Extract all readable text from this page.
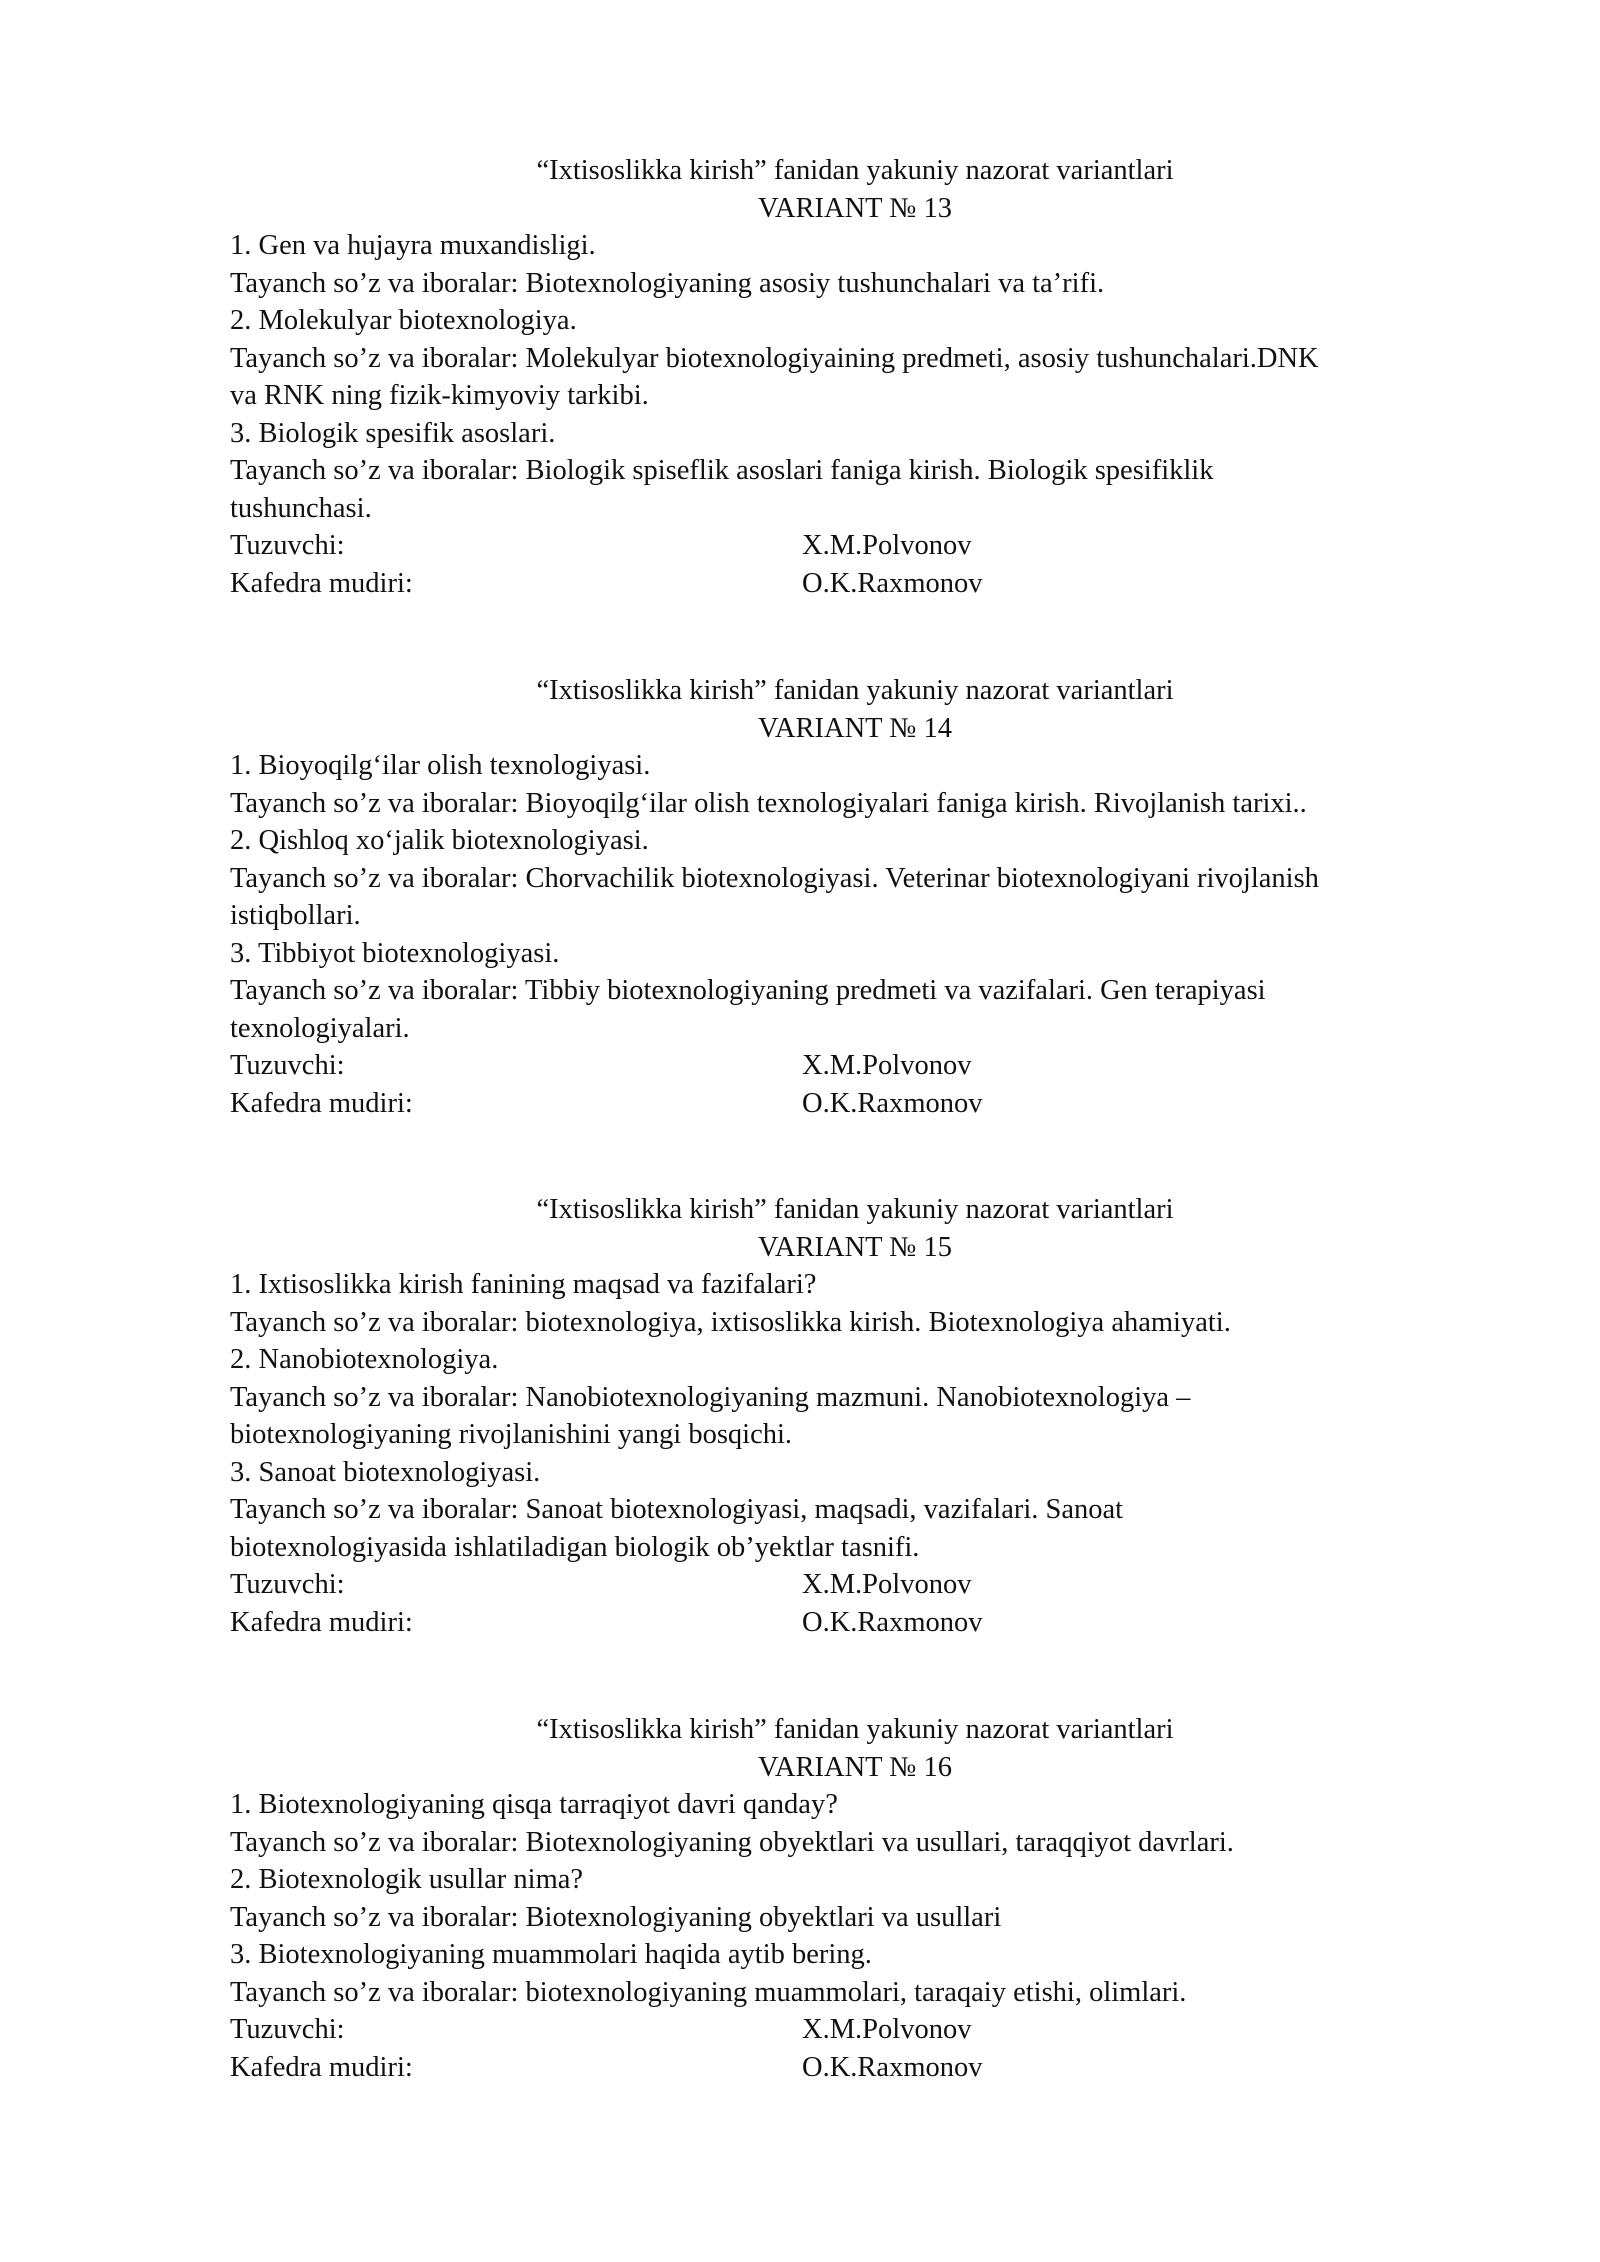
“Ixtisoslikka kirish” fanidan yakuniy nazorat variantlari

VARIANT № 13

1. Gen va hujayra muxandisligi.

Tayanch so’z va iboralar: Biotexnologiyaning asosiy tushunchalari va ta’rifi.

2. Molekulyar biotexnologiya.

Tayanch so’z va iboralar: Molekulyar biotexnologiyaining predmeti, asosiy tushunchalari.DNK

va RNK ning fizik-kimyoviy tarkibi.

3. Biologik spesifik asoslari.

Tayanch so’z va iboralar: Biologik spiseflik asoslari faniga kirish. Biologik spesifiklik

tushunchasi.

Tuzuvchi:	X.M.Polvonov
Kafedra mudiri:	O.K.Raxmonov

“Ixtisoslikka kirish” fanidan yakuniy nazorat variantlari

VARIANT № 14

1. Bioyoqilg‘ilar olish texnologiyasi.

Tayanch so’z va iboralar: Bioyoqilg‘ilar olish texnologiyalari faniga kirish. Rivojlanish tarixi..

2. Qishloq xo‘jalik biotexnologiyasi.

Tayanch so’z va iboralar: Chorvachilik biotexnologiyasi. Veterinar biotexnologiyani rivojlanish

istiqbollari.

3. Tibbiyot biotexnologiyasi.

Tayanch so’z va iboralar: Tibbiy biotexnologiyaning predmeti va vazifalari. Gen terapiyasi

texnologiyalari.

Tuzuvchi:	X.M.Polvonov
Kafedra mudiri:	O.K.Raxmonov

“Ixtisoslikka kirish” fanidan yakuniy nazorat variantlari

VARIANT № 15

1. Ixtisoslikka kirish fanining maqsad va fazifalari?

Tayanch so’z va iboralar: biotexnologiya, ixtisoslikka kirish. Biotexnologiya ahamiyati.

2. Nanobiotexnologiya.

Tayanch so’z va iboralar: Nanobiotexnologiyaning mazmuni. Nanobiotexnologiya –

biotexnologiyaning rivojlanishini yangi bosqichi.

3. Sanoat biotexnologiyasi.

Tayanch so’z va iboralar: Sanoat biotexnologiyasi, maqsadi, vazifalari. Sanoat

biotexnologiyasida ishlatiladigan biologik ob’yektlar tasnifi.

Tuzuvchi:	X.M.Polvonov
Kafedra mudiri:	O.K.Raxmonov

“Ixtisoslikka kirish” fanidan yakuniy nazorat variantlari

VARIANT № 16

1. Biotexnologiyaning qisqa tarraqiyot davri qanday?

Tayanch so’z va iboralar: Biotexnologiyaning obyektlari va usullari, taraqqiyot davrlari.

2. Biotexnologik usullar nima?

Tayanch so’z va iboralar: Biotexnologiyaning obyektlari va usullari

3. Biotexnologiyaning muammolari haqida aytib bering.

Tayanch so’z va iboralar: biotexnologiyaning muammolari, taraqaiy etishi, olimlari.

Tuzuvchi:	X.M.Polvonov
Kafedra mudiri:	O.K.Raxmonov
